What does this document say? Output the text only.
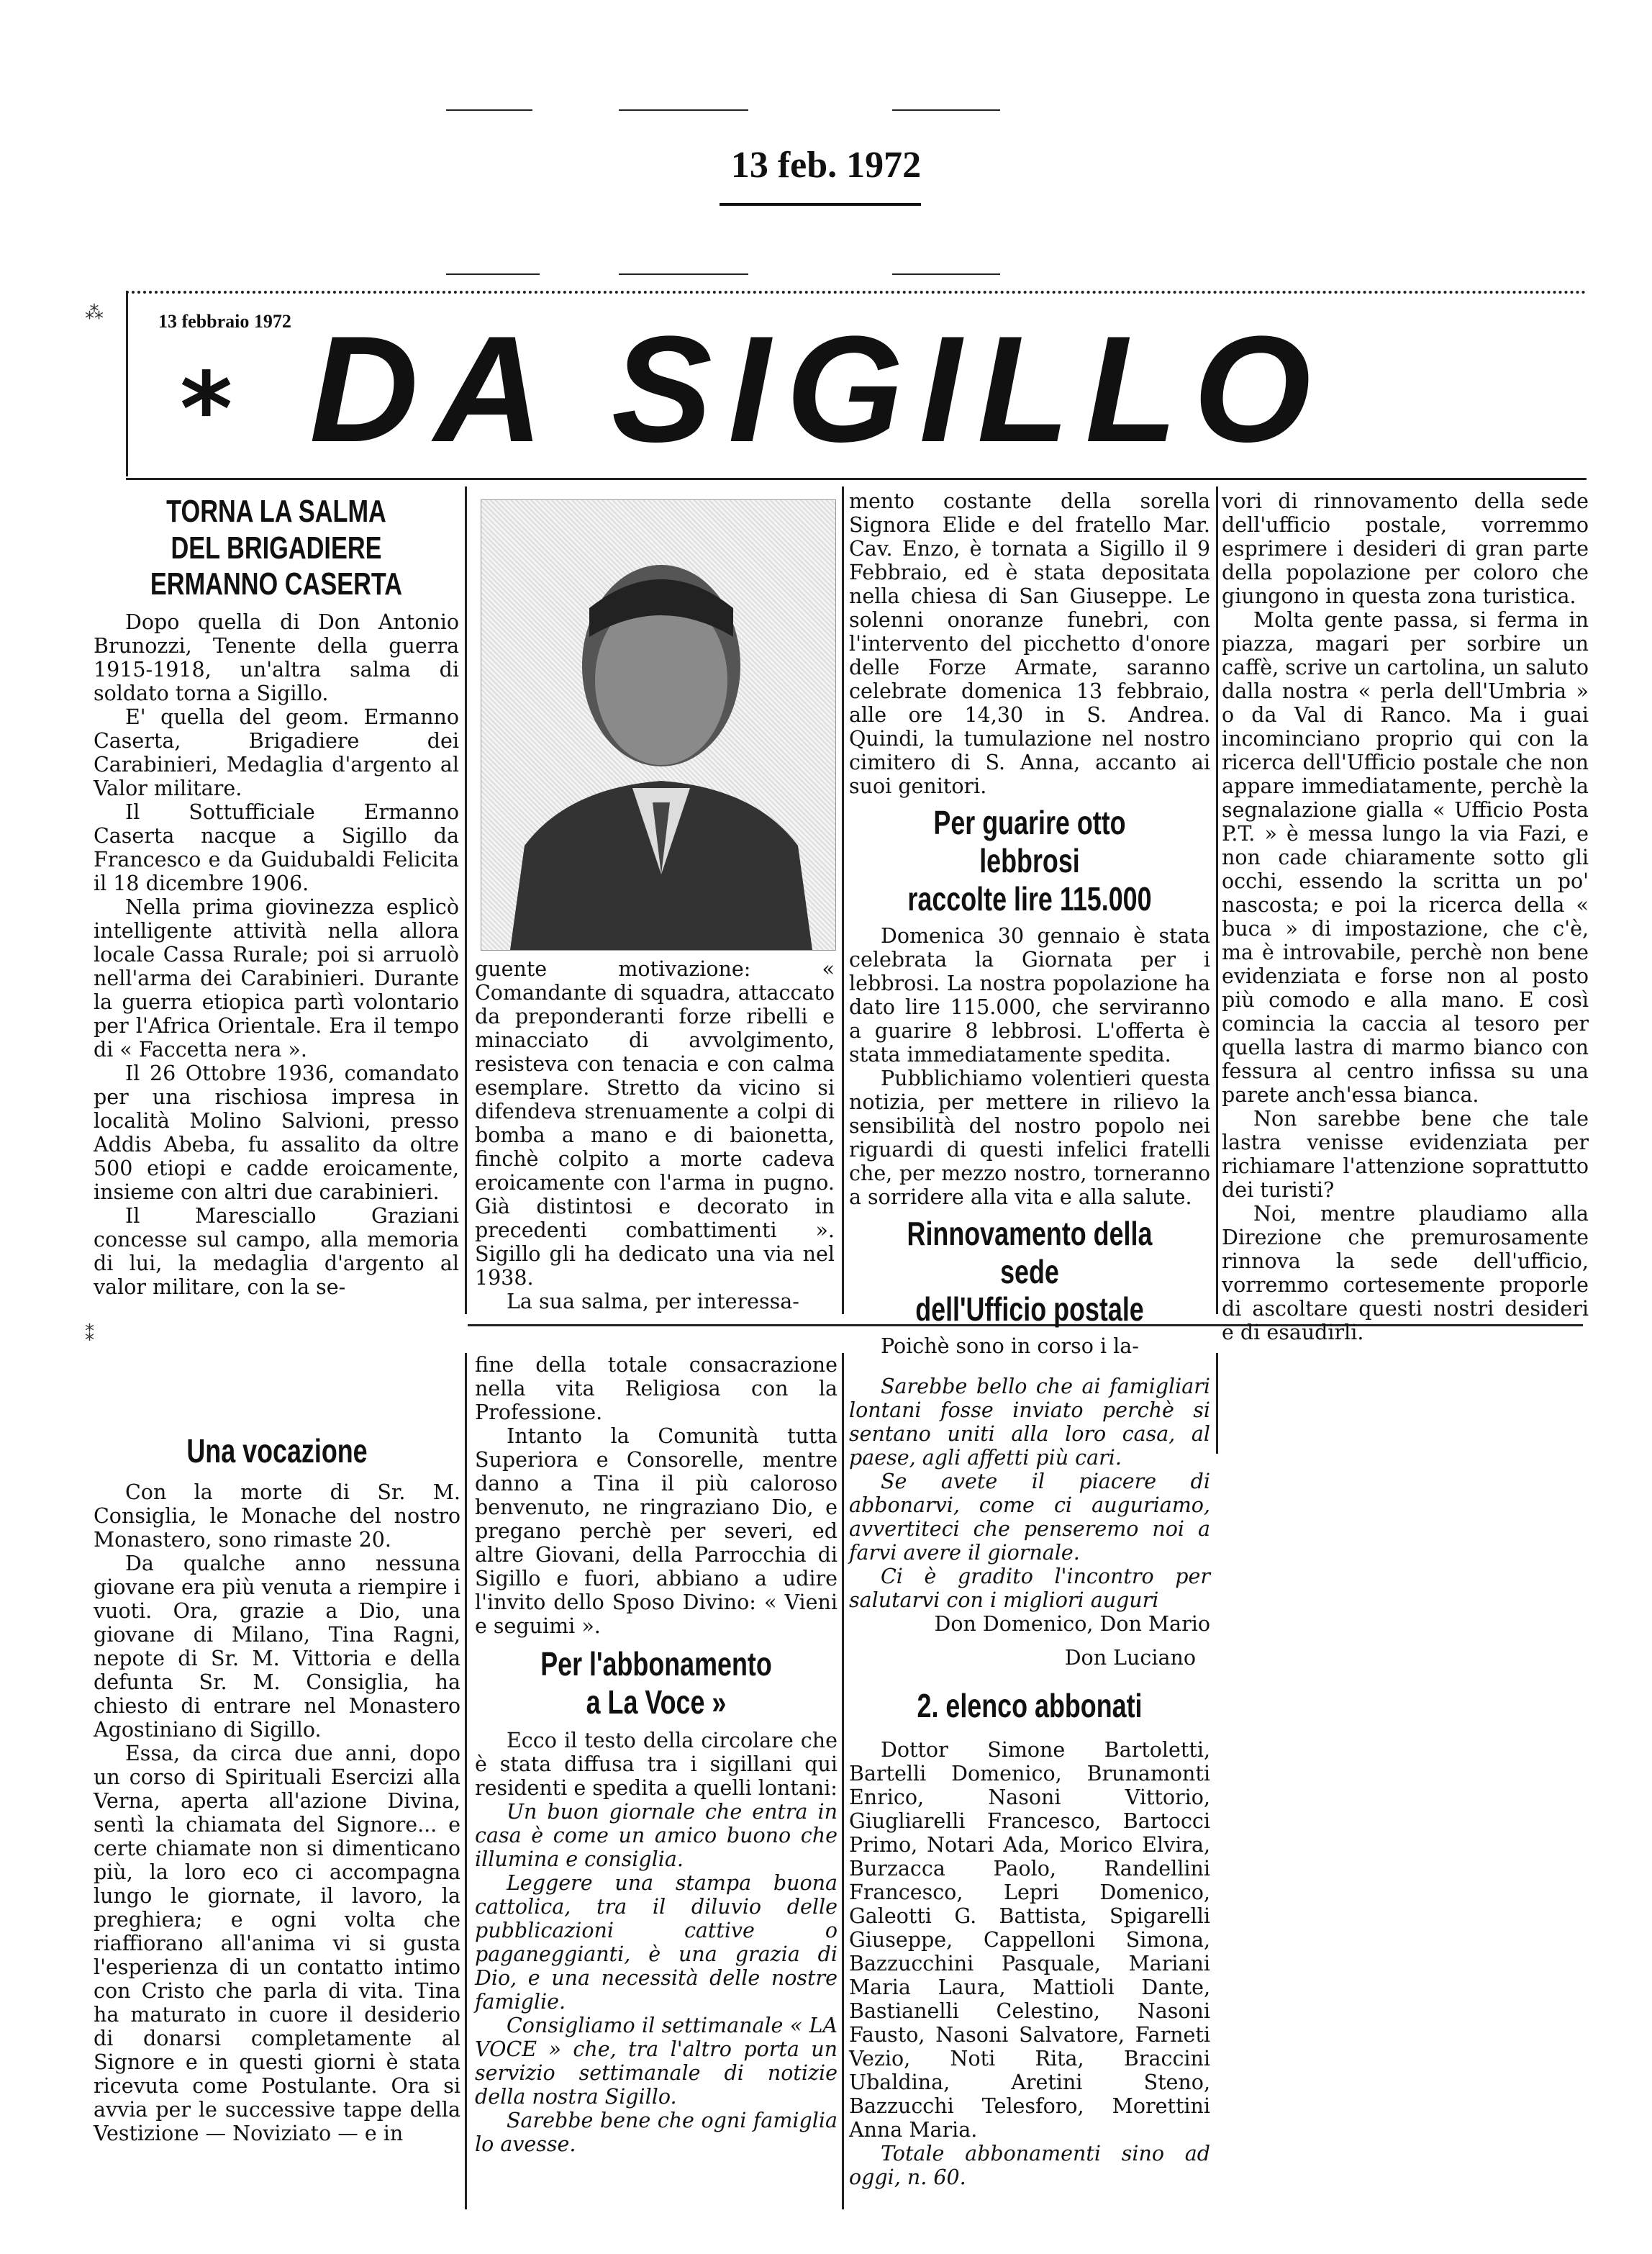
13 feb. 1972
13 febbraio 1972
* DA SIGILLO
⁂
TORNA LA SALMA
DEL BRIGADIERE
ERMANNO CASERTA

Dopo quella di Don Antonio Brunozzi, Tenente della guerra 1915-1918, un'altra salma di soldato torna a Sigillo.

E' quella del geom. Ermanno Caserta, Brigadiere dei Carabinieri, Medaglia d'argento al Valor militare.

Il Sottufficiale Ermanno Caserta nacque a Sigillo da Francesco e da Guidubaldi Felicita il 18 dicembre 1906.

Nella prima giovinezza esplicò intelligente attività nella allora locale Cassa Rurale; poi si arruolò nell'arma dei Carabinieri. Durante la guerra etiopica partì volontario per l'Africa Orientale. Era il tempo di « Faccetta nera ».

Il 26 Ottobre 1936, comandato per una rischiosa impresa in località Molino Salvioni, presso Addis Abeba, fu assalito da oltre 500 etiopi e cadde eroicamente, insieme con altri due carabinieri.

Il Maresciallo Graziani concesse sul campo, alla memoria di lui, la medaglia d'argento al valor militare, con la se-

guente motivazione: « Comandante di squadra, attaccato da preponderanti forze ribelli e minacciato di avvolgimento, resisteva con tenacia e con calma esemplare. Stretto da vicino si difendeva strenuamente a colpi di bomba a mano e di baionetta, finchè colpito a morte cadeva eroicamente con l'arma in pugno. Già distintosi e decorato in precedenti combattimenti ». Sigillo gli ha dedicato una via nel 1938.

La sua salma, per interessa-

mento costante della sorella Signora Elide e del fratello Mar. Cav. Enzo, è tornata a Sigillo il 9 Febbraio, ed è stata depositata nella chiesa di San Giuseppe. Le solenni onoranze funebri, con l'intervento del picchetto d'onore delle Forze Armate, saranno celebrate domenica 13 febbraio, alle ore 14,30 in S. Andrea. Quindi, la tumulazione nel nostro cimitero di S. Anna, accanto ai suoi genitori.

Per guarire otto lebbrosi
raccolte lire 115.000

Domenica 30 gennaio è stata celebrata la Giornata per i lebbrosi. La nostra popolazione ha dato lire 115.000, che serviranno a guarire 8 lebbrosi. L'offerta è stata immediatamente spedita.

Pubblichiamo volentieri questa notizia, per mettere in rilievo la sensibilità del nostro popolo nei riguardi di questi infelici fratelli che, per mezzo nostro, torneranno a sorridere alla vita e alla salute.

Rinnovamento della sede
dell'Ufficio postale

Poichè sono in corso i la-

vori di rinnovamento della sede dell'ufficio postale, vorremmo esprimere i desideri di gran parte della popolazione per coloro che giungono in questa zona turistica.

Molta gente passa, si ferma in piazza, magari per sorbire un caffè, scrive un cartolina, un saluto dalla nostra « perla dell'Umbria » o da Val di Ranco. Ma i guai incominciano proprio qui con la ricerca dell'Ufficio postale che non appare immediatamente, perchè la segnalazione gialla « Ufficio Posta P.T. » è messa lungo la via Fazi, e non cade chiaramente sotto gli occhi, essendo la scritta un po' nascosta; e poi la ricerca della « buca » di impostazione, che c'è, ma è introvabile, perchè non bene evidenziata e forse non al posto più comodo e alla mano. E così comincia la caccia al tesoro per quella lastra di marmo bianco con fessura al centro infissa su una parete anch'essa bianca.

Non sarebbe bene che tale lastra venisse evidenziata per richiamare l'attenzione soprattutto dei turisti?

Noi, mentre plaudiamo alla Direzione che premurosamente rinnova la sede dell'ufficio, vorremmo cortesemente proporle di ascoltare questi nostri desideri e di esaudirli.

⁑
Una vocazione

Con la morte di Sr. M. Consiglia, le Monache del nostro Monastero, sono rimaste 20.

Da qualche anno nessuna giovane era più venuta a riempire i vuoti. Ora, grazie a Dio, una giovane di Milano, Tina Ragni, nepote di Sr. M. Vittoria e della defunta Sr. M. Consiglia, ha chiesto di entrare nel Monastero Agostiniano di Sigillo.

Essa, da circa due anni, dopo un corso di Spirituali Esercizi alla Verna, aperta all'azione Divina, sentì la chiamata del Signore... e certe chiamate non si dimenticano più, la loro eco ci accompagna lungo le giornate, il lavoro, la preghiera; e ogni volta che riaffiorano all'anima vi si gusta l'esperienza di un contatto intimo con Cristo che parla di vita. Tina ha maturato in cuore il desiderio di donarsi completamente al Signore e in questi giorni è stata ricevuta come Postulante. Ora si avvia per le successive tappe della Vestizione — Noviziato — e in

fine della totale consacrazione nella vita Religiosa con la Professione.

Intanto la Comunità tutta Superiora e Consorelle, mentre danno a Tina il più caloroso benvenuto, ne ringraziano Dio, e pregano perchè per severi, ed altre Giovani, della Parrocchia di Sigillo e fuori, abbiano a udire l'invito dello Sposo Divino: « Vieni e seguimi ».

Per l'abbonamento
a La Voce »

Ecco il testo della circolare che è stata diffusa tra i sigillani qui residenti e spedita a quelli lontani:

Un buon giornale che entra in casa è come un amico buono che illumina e consiglia.

Leggere una stampa buona cattolica, tra il diluvio delle pubblicazioni cattive o paganeggianti, è una grazia di Dio, e una necessità delle nostre famiglie.

Consigliamo il settimanale « LA VOCE » che, tra l'altro porta un servizio settimanale di notizie della nostra Sigillo.

Sarebbe bene che ogni famiglia lo avesse.

Sarebbe bello che ai famigliari lontani fosse inviato perchè si sentano uniti alla loro casa, al paese, agli affetti più cari.

Se avete il piacere di abbonarvi, come ci auguriamo, avvertiteci che penseremo noi a farvi avere il giornale.

Ci è gradito l'incontro per salutarvi con i migliori auguri

Don Domenico, Don Mario
Don Luciano
2. elenco abbonati

Dottor Simone Bartoletti, Bartelli Domenico, Brunamonti Enrico, Nasoni Vittorio, Giugliarelli Francesco, Bartocci Primo, Notari Ada, Morico Elvira, Burzacca Paolo, Randellini Francesco, Lepri Domenico, Galeotti G. Battista, Spigarelli Giuseppe, Cappelloni Simona, Bazzucchini Pasquale, Mariani Maria Laura, Mattioli Dante, Bastianelli Celestino, Nasoni Fausto, Nasoni Salvatore, Farneti Vezio, Noti Rita, Braccini Ubaldina, Aretini Steno, Bazzucchi Telesforo, Morettini Anna Maria.

Totale abbonamenti sino ad oggi, n. 60.
